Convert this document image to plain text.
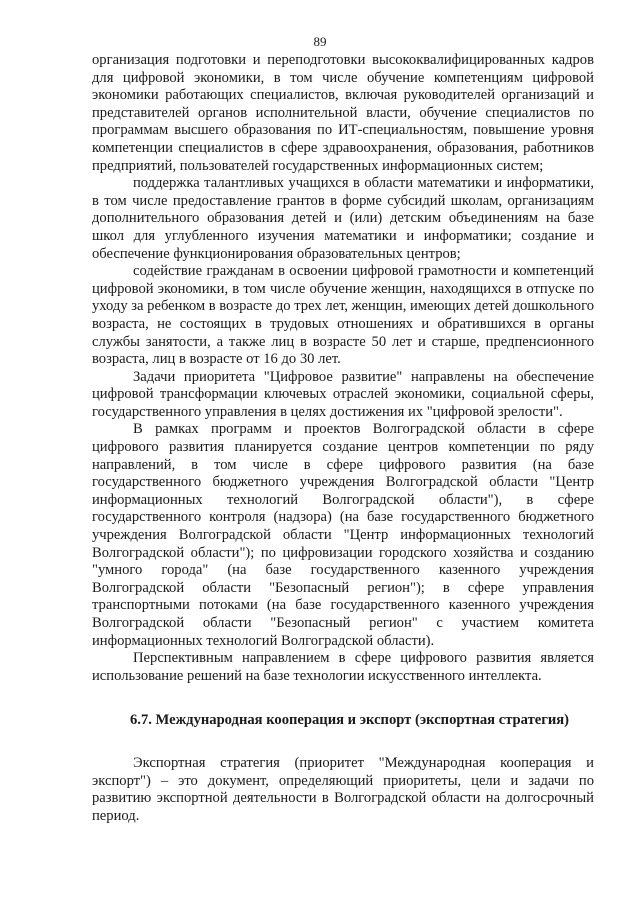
89

организация подготовки и переподготовки высококвалифицированных кадров для цифровой экономики, в том числе обучение компетенциям цифровой экономики работающих специалистов, включая руководителей организаций и представителей органов исполнительной власти, обучение специалистов по программам высшего образования по ИТ-специальностям, повышение уровня компетенции специалистов в сфере здравоохранения, образования, работников предприятий, пользователей государственных информационных систем;

поддержка талантливых учащихся в области математики и информатики, в том числе предоставление грантов в форме субсидий школам, организациям дополнительного образования детей и (или) детским объединениям на базе школ для углубленного изучения математики и информатики; создание и обеспечение функционирования образовательных центров;

содействие гражданам в освоении цифровой грамотности и компетенций цифровой экономики, в том числе обучение женщин, находящихся в отпуске по уходу за ребенком в возрасте до трех лет, женщин, имеющих детей дошкольного возраста, не состоящих в трудовых отношениях и обратившихся в органы службы занятости, а также лиц в возрасте 50 лет и старше, предпенсионного возраста, лиц в возрасте от 16 до 30 лет.

Задачи приоритета "Цифровое развитие" направлены на обеспечение цифровой трансформации ключевых отраслей экономики, социальной сферы, государственного управления в целях достижения их "цифровой зрелости".

В рамках программ и проектов Волгоградской области в сфере цифрового развития планируется создание центров компетенции по ряду направлений, в том числе в сфере цифрового развития (на базе государственного бюджетного учреждения Волгоградской области "Центр информационных технологий Волгоградской области"), в сфере государственного контроля (надзора) (на базе государственного бюджетного учреждения Волгоградской области "Центр информационных технологий Волгоградской области"); по цифровизации городского хозяйства и созданию "умного города" (на базе государственного казенного учреждения Волгоградской области "Безопасный регион"); в сфере управления транспортными потоками (на базе государственного казенного учреждения Волгоградской области "Безопасный регион" с участием комитета информационных технологий Волгоградской области).

Перспективным направлением в сфере цифрового развития является использование решений на базе технологии искусственного интеллекта.

6.7. Международная кооперация и экспорт (экспортная стратегия)

Экспортная стратегия (приоритет "Международная кооперация и экспорт") – это документ, определяющий приоритеты, цели и задачи по развитию экспортной деятельности в Волгоградской области на долгосрочный период.
